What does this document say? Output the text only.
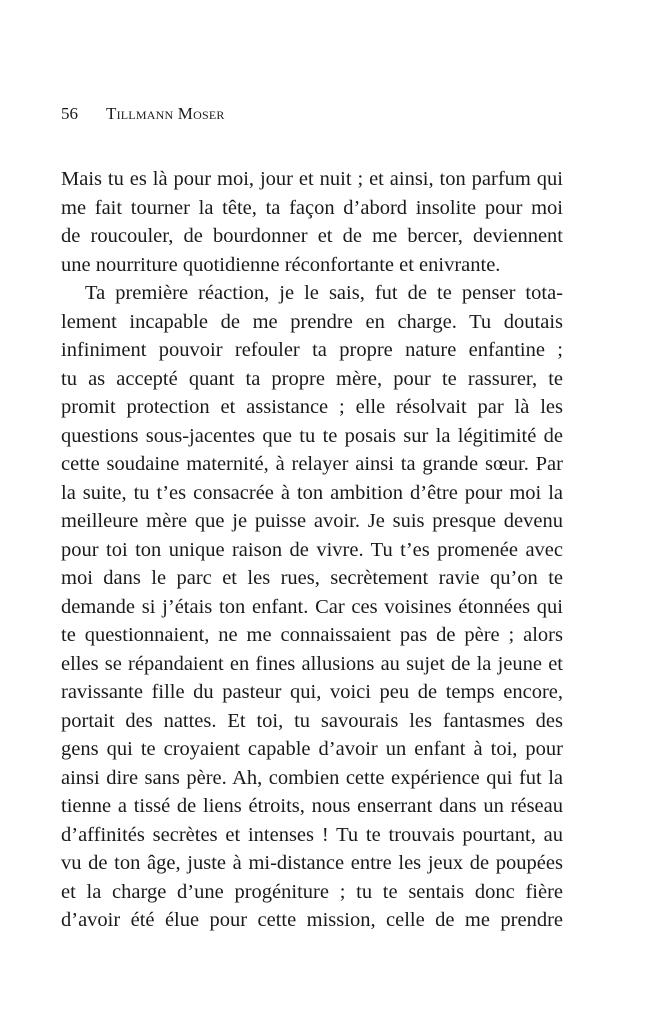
56 Tillmann Moser
Mais tu es là pour moi, jour et nuit ; et ainsi, ton parfum qui
me fait tourner la tête, ta façon d’abord insolite pour moi
de roucouler, de bourdonner et de me bercer, deviennent
une nourriture quotidienne réconfortante et enivrante.
Ta première réaction, je le sais, fut de te penser tota-
lement incapable de me prendre en charge. Tu doutais
infiniment pouvoir refouler ta propre nature enfantine ;
tu as accepté quant ta propre mère, pour te rassurer, te
promit protection et assistance ; elle résolvait par là les
questions sous-jacentes que tu te posais sur la légitimité de
cette soudaine maternité, à relayer ainsi ta grande sœur. Par
la suite, tu t’es consacrée à ton ambition d’être pour moi la
meilleure mère que je puisse avoir. Je suis presque devenu
pour toi ton unique raison de vivre. Tu t’es promenée avec
moi dans le parc et les rues, secrètement ravie qu’on te
demande si j’étais ton enfant. Car ces voisines étonnées qui
te questionnaient, ne me connaissaient pas de père ; alors
elles se répandaient en fines allusions au sujet de la jeune et
ravissante fille du pasteur qui, voici peu de temps encore,
portait des nattes. Et toi, tu savourais les fantasmes des
gens qui te croyaient capable d’avoir un enfant à toi, pour
ainsi dire sans père. Ah, combien cette expérience qui fut la
tienne a tissé de liens étroits, nous enserrant dans un réseau
d’affinités secrètes et intenses ! Tu te trouvais pourtant, au
vu de ton âge, juste à mi-distance entre les jeux de poupées
et la charge d’une progéniture ; tu te sentais donc fière
d’avoir été élue pour cette mission, celle de me prendre
